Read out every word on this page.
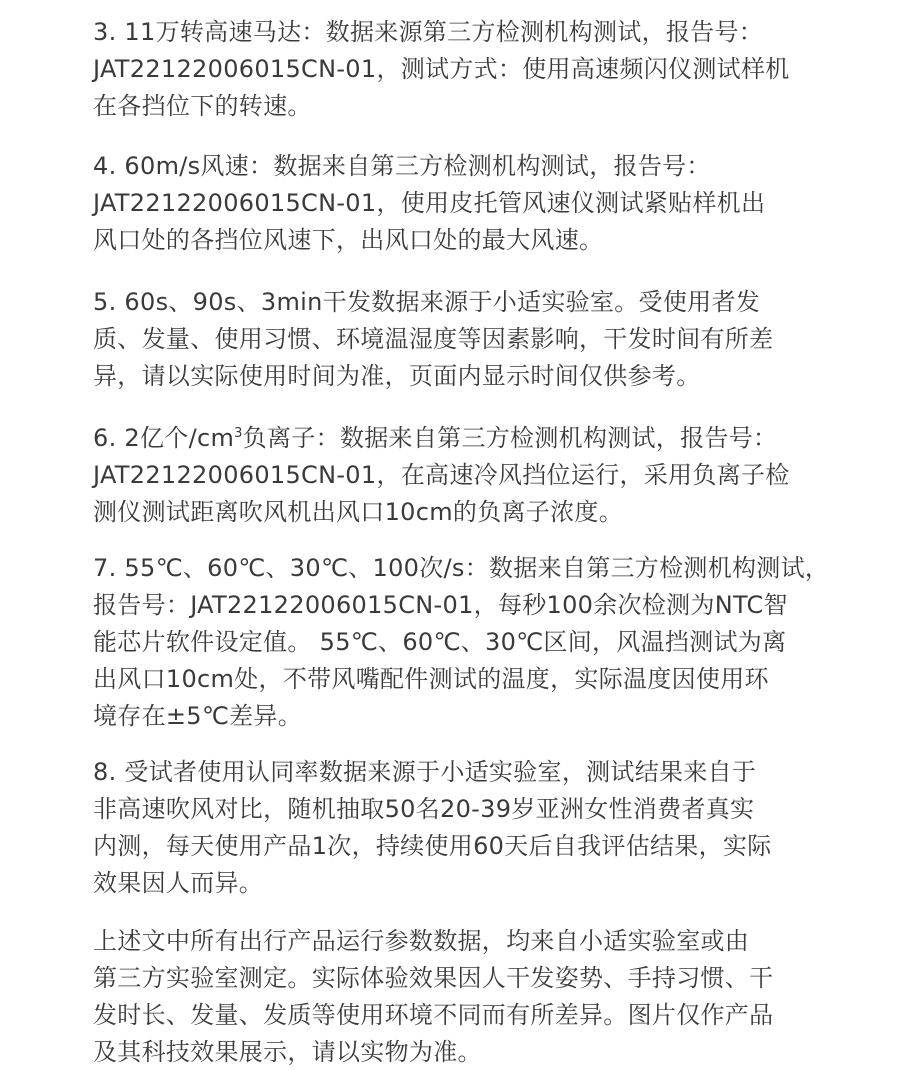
3. 11万转高速马达：数据来源第三方检测机构测试，报告号：
JAT22122006015CN-01，测试方式：使用高速频闪仪测试样机
在各挡位下的转速。

4. 60m/s风速：数据来自第三方检测机构测试，报告号：
JAT22122006015CN-01，使用皮托管风速仪测试紧贴样机出
风口处的各挡位风速下，出风口处的最大风速。

5. 60s、90s、3min干发数据来源于小适实验室。受使用者发
质、发量、使用习惯、环境温湿度等因素影响，干发时间有所差
异，请以实际使用时间为准，页面内显示时间仅供参考。

6. 2亿个$/cm^3$负离子：数据来自第三方检测机构测试，报告号：
JAT22122006015CN-01，在高速冷风挡位运行，采用负离子检
测仪测试距离吹风机出风口10cm的负离子浓度。

7. 55℃、60℃、30℃、100次/s：数据来自第三方检测机构测试，
报告号：JAT22122006015CN-01，每秒100余次检测为NTC智
能芯片软件设定值。 55℃、60℃、30℃区间，风温挡测试为离
出风口10cm处，不带风嘴配件测试的温度，实际温度因使用环
境存在±5℃差异。

8. 受试者使用认同率数据来源于小适实验室，测试结果来自于
非高速吹风对比，随机抽取50名20-39岁亚洲女性消费者真实
内测，每天使用产品1次，持续使用60天后自我评估结果，实际
效果因人而异。

上述文中所有出行产品运行参数数据，均来自小适实验室或由
第三方实验室测定。实际体验效果因人干发姿势、手持习惯、干
发时长、发量、发质等使用环境不同而有所差异。图片仅作产品
及其科技效果展示，请以实物为准。
